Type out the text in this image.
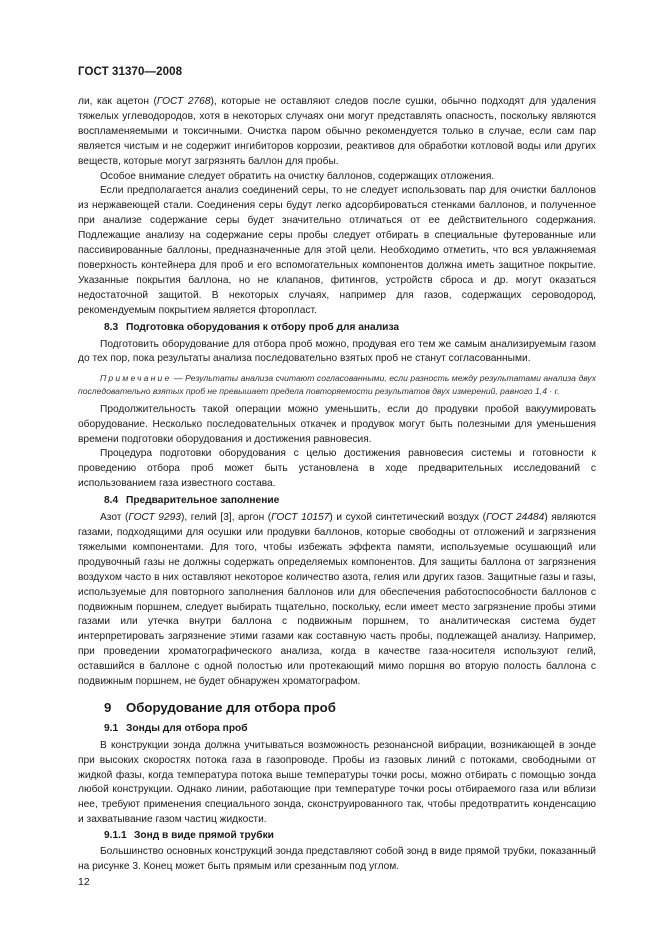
ГОСТ 31370—2008

ли, как ацетон (ГОСТ 2768), которые не оставляют следов после сушки, обычно подходят для удаления тяжелых углеводородов, хотя в некоторых случаях они могут представлять опасность, поскольку являются воспламеняемыми и токсичными. Очистка паром обычно рекомендуется только в случае, если сам пар является чистым и не содержит ингибиторов коррозии, реактивов для обработки котловой воды или других веществ, которые могут загрязнять баллон для пробы.

Особое внимание следует обратить на очистку баллонов, содержащих отложения.

Если предполагается анализ соединений серы, то не следует использовать пар для очистки баллонов из нержавеющей стали. Соединения серы будут легко адсорбироваться стенками баллонов, и полученное при анализе содержание серы будет значительно отличаться от ее действительного содержания. Подлежащие анализу на содержание серы пробы следует отбирать в специальные футерованные или пассивированные баллоны, предназначенные для этой цели. Необходимо отметить, что вся увлажняемая поверхность контейнера для проб и его вспомогательных компонентов должна иметь защитное покрытие. Указанные покрытия баллона, но не клапанов, фитингов, устройств сброса и др. могут оказаться недостаточной защитой. В некоторых случаях, например для газов, содержащих сероводород, рекомендуемым покрытием является фторопласт.

8.3 Подготовка оборудования к отбору проб для анализа

Подготовить оборудование для отбора проб можно, продувая его тем же самым анализируемым газом до тех пор, пока результаты анализа последовательно взятых проб не станут согласованными.

Примечание — Результаты анализа считают согласованными, если разность между результатами анализа двух последовательно взятых проб не превышает предела повторяемости результатов двух измерений, равного 1,4 · r.

Продолжительность такой операции можно уменьшить, если до продувки пробой вакуумировать оборудование. Несколько последовательных откачек и продувок могут быть полезными для уменьшения времени подготовки оборудования и достижения равновесия.

Процедура подготовки оборудования с целью достижения равновесия системы и готовности к проведению отбора проб может быть установлена в ходе предварительных исследований с использованием газа известного состава.

8.4 Предварительное заполнение

Азот (ГОСТ 9293), гелий [3], аргон (ГОСТ 10157) и сухой синтетический воздух (ГОСТ 24484) являются газами, подходящими для осушки или продувки баллонов, которые свободны от отложений и загрязнения тяжелыми компонентами. Для того, чтобы избежать эффекта памяти, используемые осушающий или продувочный газы не должны содержать определяемых компонентов. Для защиты баллона от загрязнения воздухом часто в них оставляют некоторое количество азота, гелия или других газов. Защитные газы и газы, используемые для повторного заполнения баллонов или для обеспечения работоспособности баллонов с подвижным поршнем, следует выбирать тщательно, поскольку, если имеет место загрязнение пробы этими газами или утечка внутри баллона с подвижным поршнем, то аналитическая система будет интерпретировать загрязнение этими газами как составную часть пробы, подлежащей анализу. Например, при проведении хроматографического анализа, когда в качестве газа-носителя используют гелий, оставшийся в баллоне с одной полостью или протекающий мимо поршня во вторую полость баллона с подвижным поршнем, не будет обнаружен хроматографом.

9 Оборудование для отбора проб
9.1 Зонды для отбора проб

В конструкции зонда должна учитываться возможность резонансной вибрации, возникающей в зонде при высоких скоростях потока газа в газопроводе. Пробы из газовых линий с потоками, свободными от жидкой фазы, когда температура потока выше температуры точки росы, можно отбирать с помощью зонда любой конструкции. Однако линии, работающие при температуре точки росы отбираемого газа или вблизи нее, требуют применения специального зонда, сконструированного так, чтобы предотвратить конденсацию и захватывание газом частиц жидкости.

9.1.1 Зонд в виде прямой трубки

Большинство основных конструкций зонда представляют собой зонд в виде прямой трубки, показанный на рисунке 3. Конец может быть прямым или срезанным под углом.

12
